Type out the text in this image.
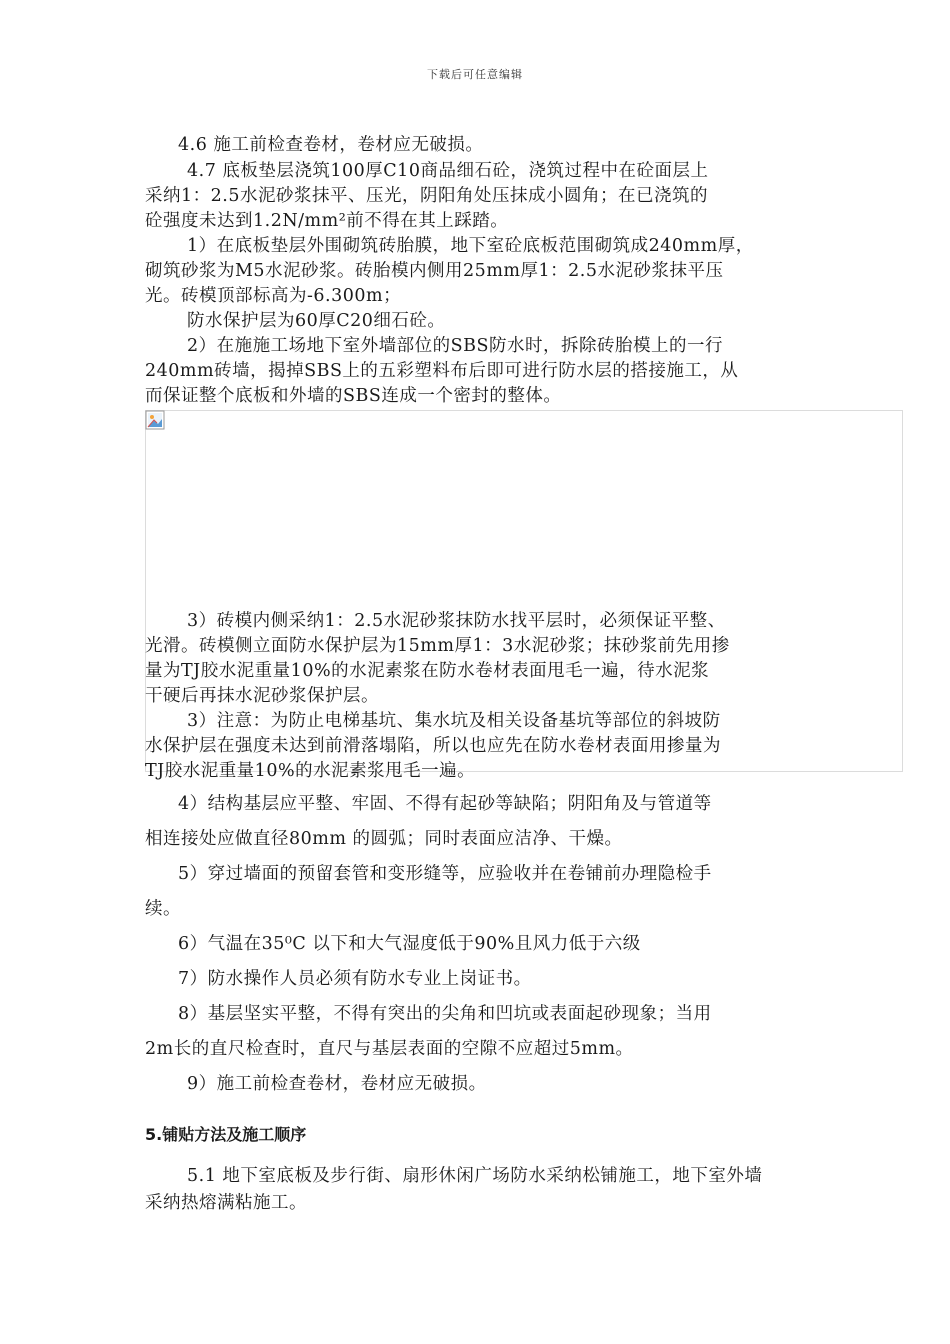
下载后可任意编辑
4.6 施工前检查卷材，卷材应无破损。
4.7 底板垫层浇筑100厚C10商品细石砼，浇筑过程中在砼面层上
采纳1：2.5水泥砂浆抹平、压光，阴阳角处压抹成小圆角；在已浇筑的
砼强度未达到1.2N/mm²前不得在其上踩踏。
1）在底板垫层外围砌筑砖胎膜，地下室砼底板范围砌筑成240mm厚，
砌筑砂浆为M5水泥砂浆。砖胎模内侧用25mm厚1：2.5水泥砂浆抹平压
光。砖模顶部标高为-6.300m；
防水保护层为60厚C20细石砼。
2）在施施工场地下室外墙部位的SBS防水时，拆除砖胎模上的一行
240mm砖墙，揭掉SBS上的五彩塑料布后即可进行防水层的搭接施工，从
而保证整个底板和外墙的SBS连成一个密封的整体。
3）砖模内侧采纳1：2.5水泥砂浆抹防水找平层时，必须保证平整、
光滑。砖模侧立面防水保护层为15mm厚1：3水泥砂浆；抹砂浆前先用掺
量为TJ胶水泥重量10%的水泥素浆在防水卷材表面甩毛一遍，待水泥浆
干硬后再抹水泥砂浆保护层。
3）注意：为防止电梯基坑、集水坑及相关设备基坑等部位的斜坡防
水保护层在强度未达到前滑落塌陷，所以也应先在防水卷材表面用掺量为
TJ胶水泥重量10%的水泥素浆甩毛一遍。
4）结构基层应平整、牢固、不得有起砂等缺陷；阴阳角及与管道等
相连接处应做直径80mm 的圆弧；同时表面应洁净、干燥。
5）穿过墙面的预留套管和变形缝等，应验收并在卷铺前办理隐检手
续。
6）气温在35⁰C 以下和大气湿度低于90%且风力低于六级
7）防水操作人员必须有防水专业上岗证书。
8）基层坚实平整，不得有突出的尖角和凹坑或表面起砂现象；当用
2m长的直尺检查时，直尺与基层表面的空隙不应超过5mm。
9）施工前检查卷材，卷材应无破损。
5.铺贴方法及施工顺序
5.1 地下室底板及步行街、扇形休闲广场防水采纳松铺施工，地下室外墙
采纳热熔满粘施工。
